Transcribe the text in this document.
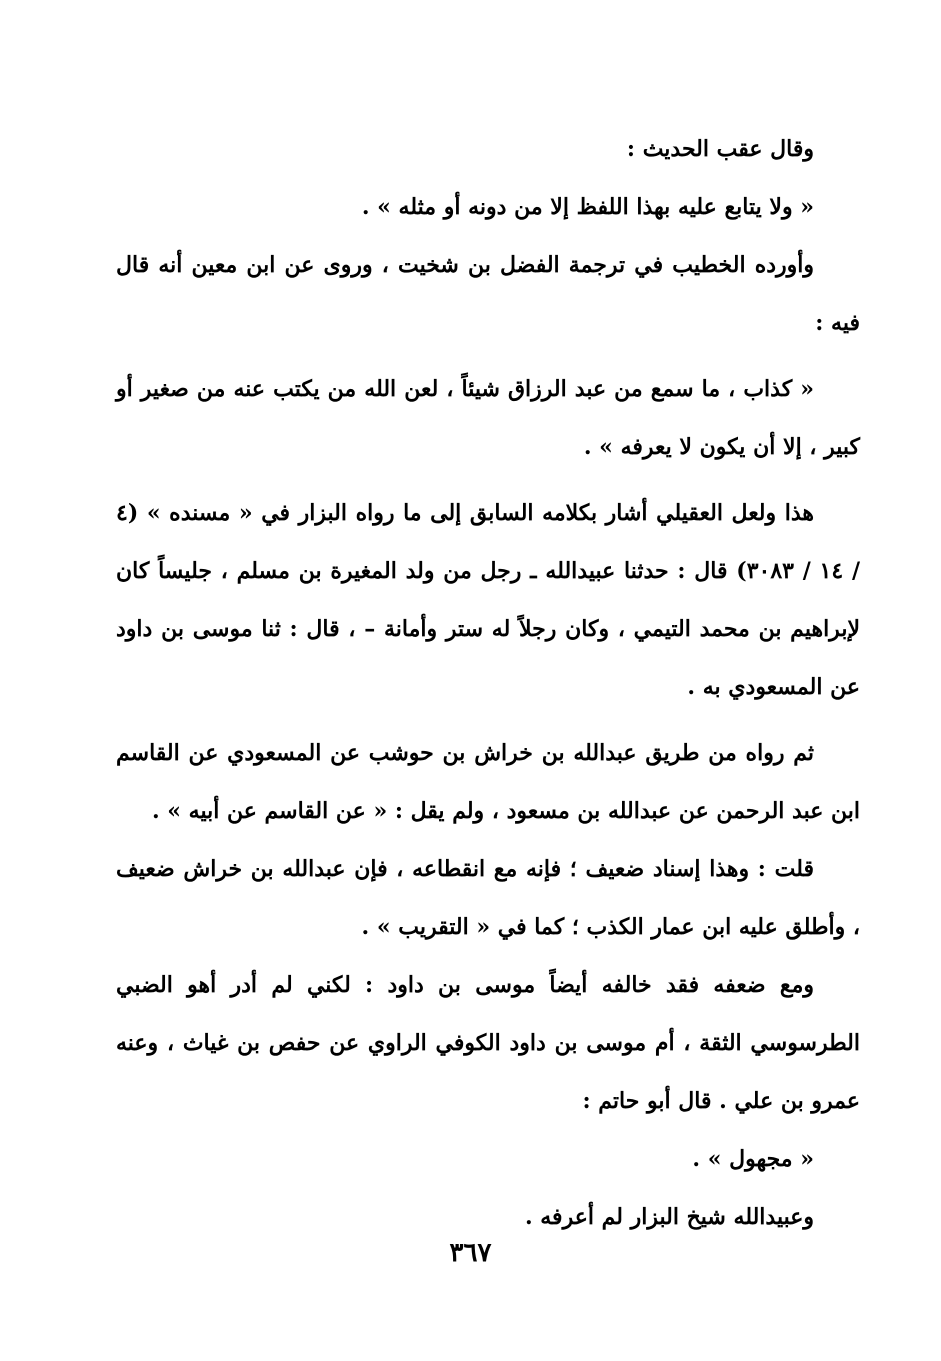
وقال عقب الحديث :

« ولا يتابع عليه بهذا اللفظ إلا من دونه أو مثله » .

وأورده الخطيب في ترجمة الفضل بن شخيت ، وروى عن ابن معين أنه قال فيه :

« كذاب ، ما سمع من عبد الرزاق شيئاً ، لعن الله من يكتب عنه من صغير أو كبير ، إلا أن يكون لا يعرفه » .

هذا ولعل العقيلي أشار بكلامه السابق إلى ما رواه البزار في « مسنده » (٤ / ١٤ / ٣٠٨٣) قال : حدثنا عبيدالله ـ رجل من ولد المغيرة بن مسلم ، جليساً كان لإبراهيم بن محمد التيمي ، وكان رجلاً له ستر وأمانة – ، قال : ثنا موسى بن داود عن المسعودي به .

ثم رواه من طريق عبدالله بن خراش بن حوشب عن المسعودي عن القاسم ابن عبد الرحمن عن عبدالله بن مسعود ، ولم يقل : « عن القاسم عن أبيه » .

قلت : وهذا إسناد ضعيف ؛ فإنه مع انقطاعه ، فإن عبدالله بن خراش ضعيف ، وأطلق عليه ابن عمار الكذب ؛ كما في « التقريب » .

ومع ضعفه فقد خالفه أيضاً موسى بن داود : لكني لم أدر أهو الضبي الطرسوسي الثقة ، أم موسى بن داود الكوفي الراوي عن حفص بن غياث ، وعنه عمرو بن علي . قال أبو حاتم :

« مجهول » .

وعبيدالله شيخ البزار لم أعرفه .

٣٦٧
